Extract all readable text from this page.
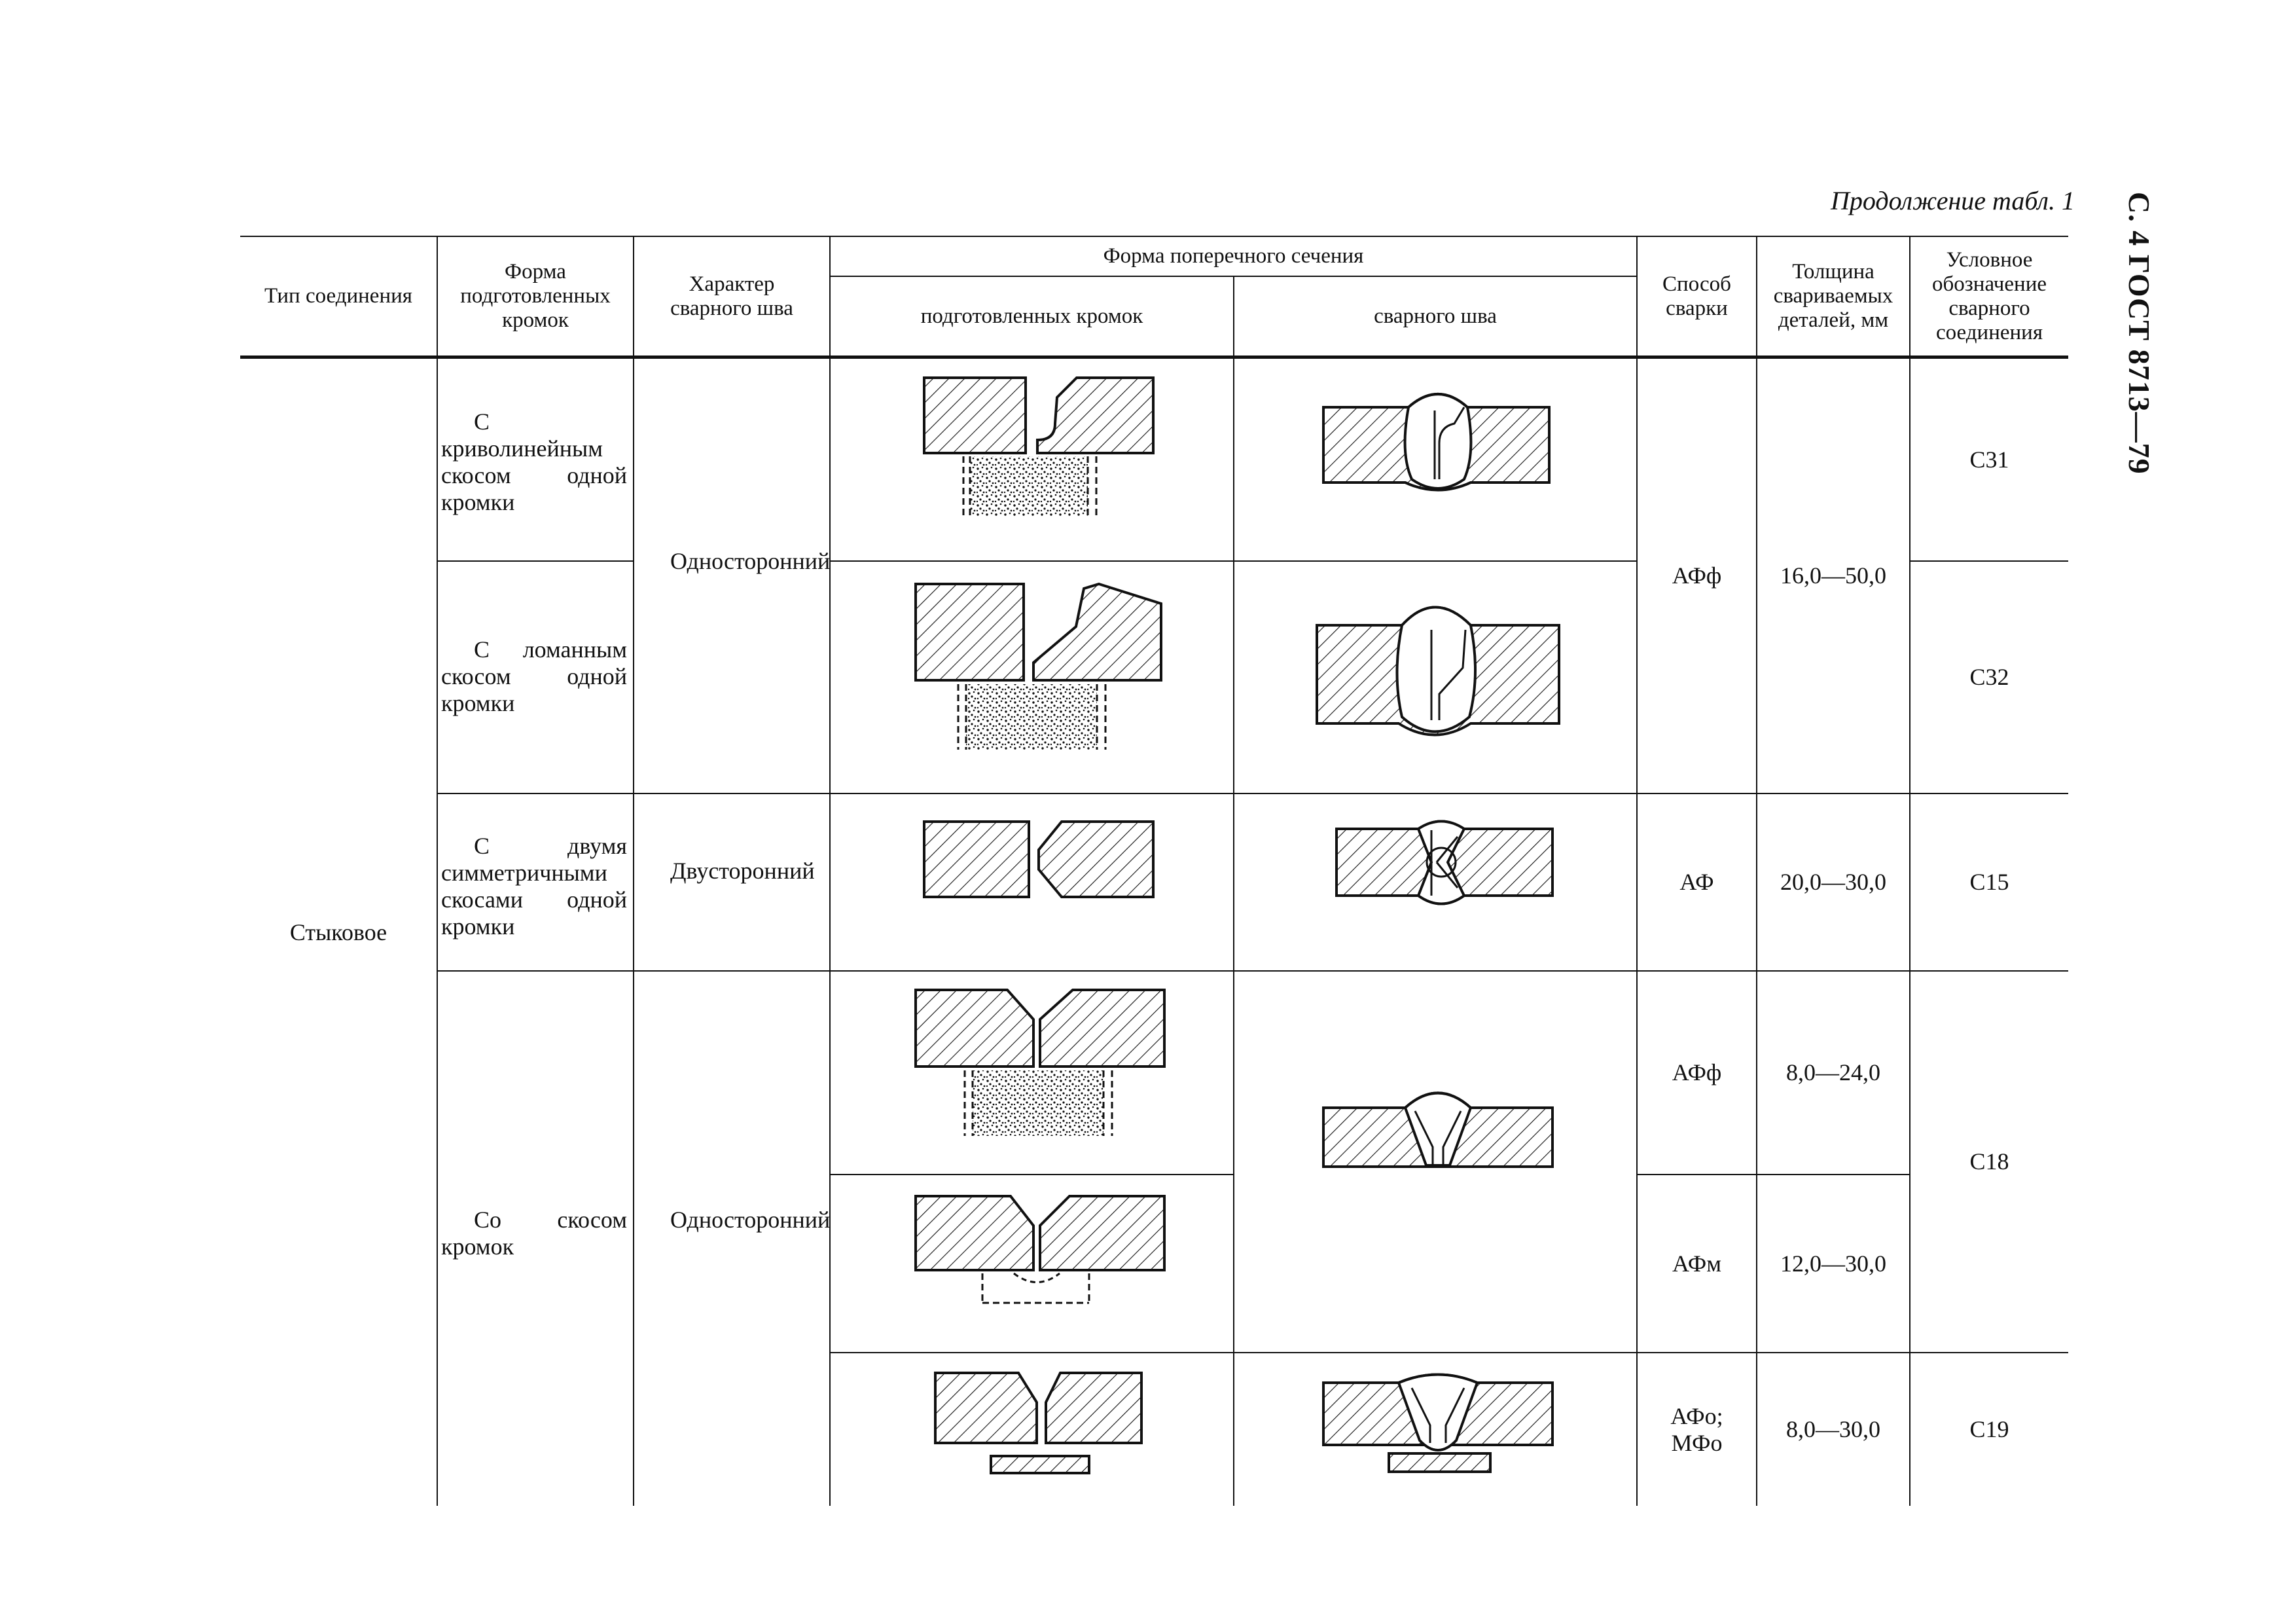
Продолжение табл. 1 С. 4 ГОСТ 8713—79
Тип соединения
Форма подготовленных кромок
Характер сварного шва
Форма поперечного сечения
подготовленных кромок	сварного шва
Способ сварки
Толщина свариваемых деталей, мм
Условное обозначение сварного соединения
Стыковое
С криволинейным скосом одной кромки
С ломанным скосом одной кромки
С двумя симметричными скосами одной кромки
Со скосом кромок
Односторонний
Двусторонний
Односторонний
АФф
АФ
АФф
АФм
АФо; МФо
16,0—50,0
20,0—30,0
8,0—24,0
12,0—30,0
8,0—30,0
С31
С32
С15
С18
С19
